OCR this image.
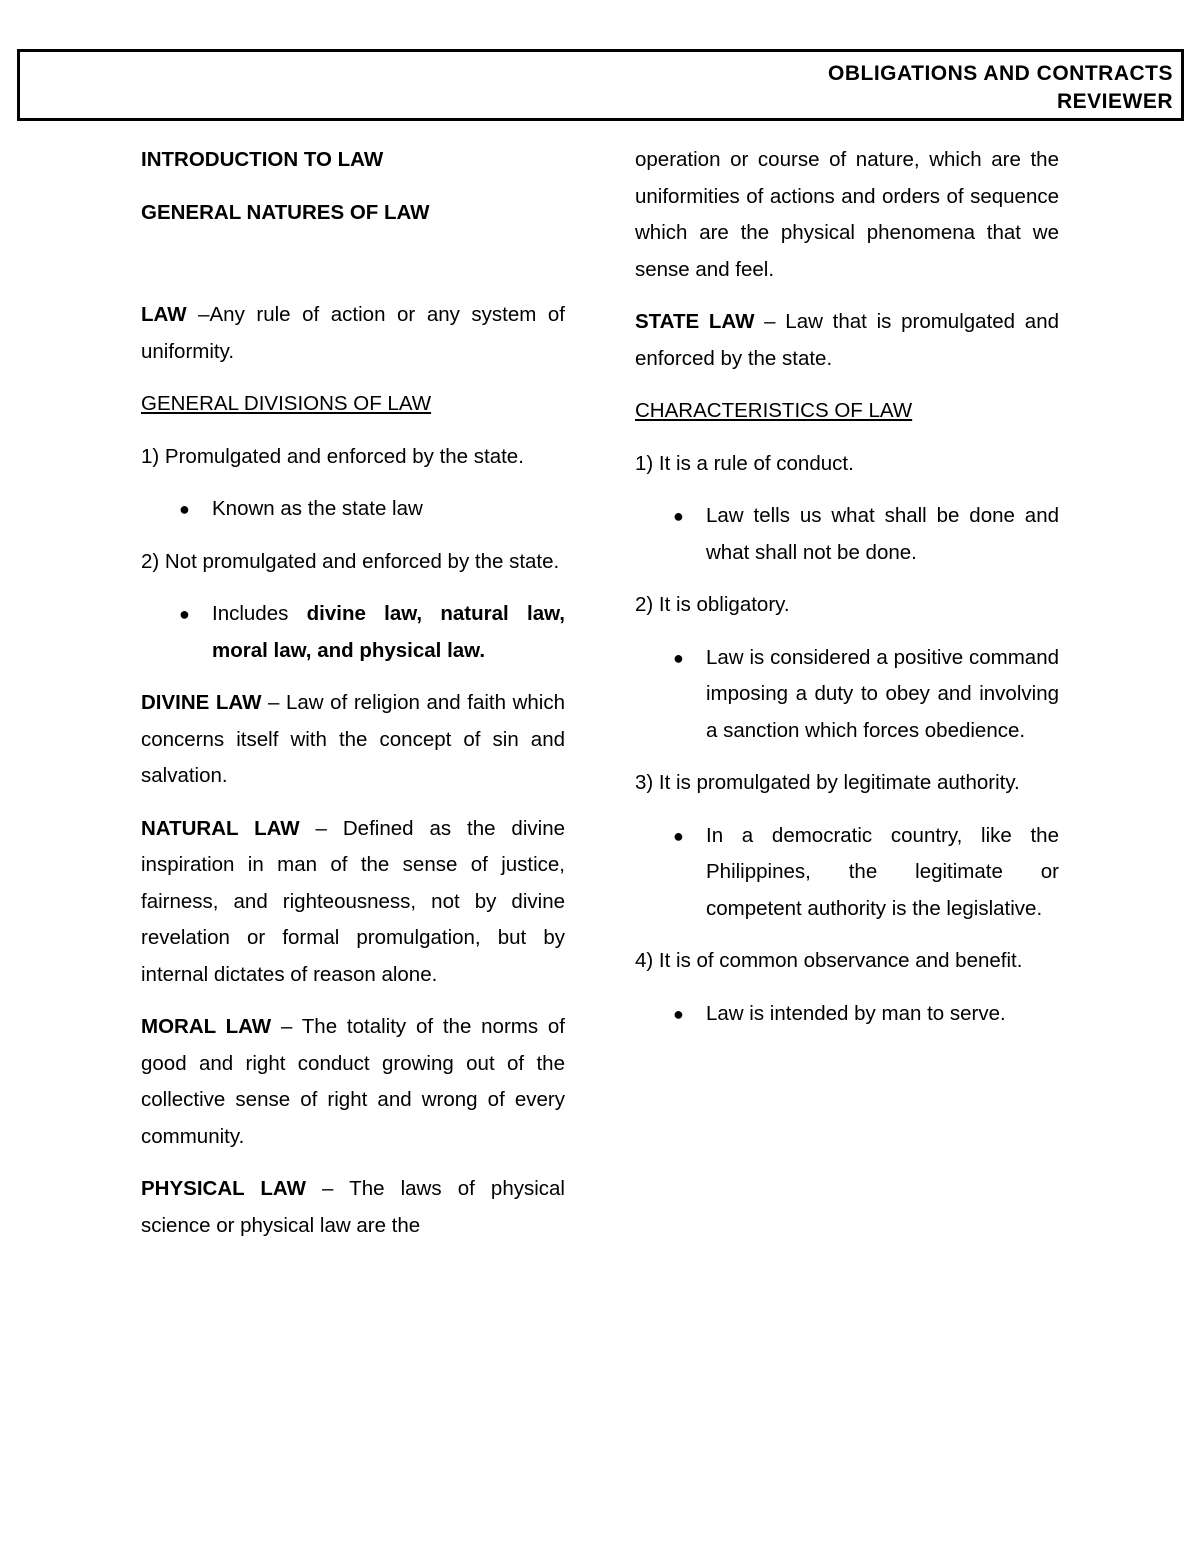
OBLIGATIONS AND CONTRACTS
REVIEWER

INTRODUCTION TO LAW

GENERAL NATURES OF LAW

LAW –Any rule of action or any system of uniformity.

GENERAL DIVISIONS OF LAW

1) Promulgated and enforced by the state.

● Known as the state law

2) Not promulgated and enforced by the state.

● Includes divine law, natural law, moral law, and physical law.

DIVINE LAW – Law of religion and faith which concerns itself with the concept of sin and salvation.

NATURAL LAW – Defined as the divine inspiration in man of the sense of justice, fairness, and righteousness, not by divine revelation or formal promulgation, but by internal dictates of reason alone.

MORAL LAW – The totality of the norms of good and right conduct growing out of the collective sense of right and wrong of every community.

PHYSICAL LAW – The laws of physical science or physical law are the

operation or course of nature, which are the uniformities of actions and orders of sequence which are the physical phenomena that we sense and feel.

STATE LAW – Law that is promulgated and enforced by the state.

CHARACTERISTICS OF LAW

1) It is a rule of conduct.

● Law tells us what shall be done and what shall not be done.

2) It is obligatory.

● Law is considered a positive command imposing a duty to obey and involving a sanction which forces obedience.

3) It is promulgated by legitimate authority.

● In a democratic country, like the Philippines, the legitimate or competent authority is the legislative.

4) It is of common observance and benefit.

● Law is intended by man to serve.
